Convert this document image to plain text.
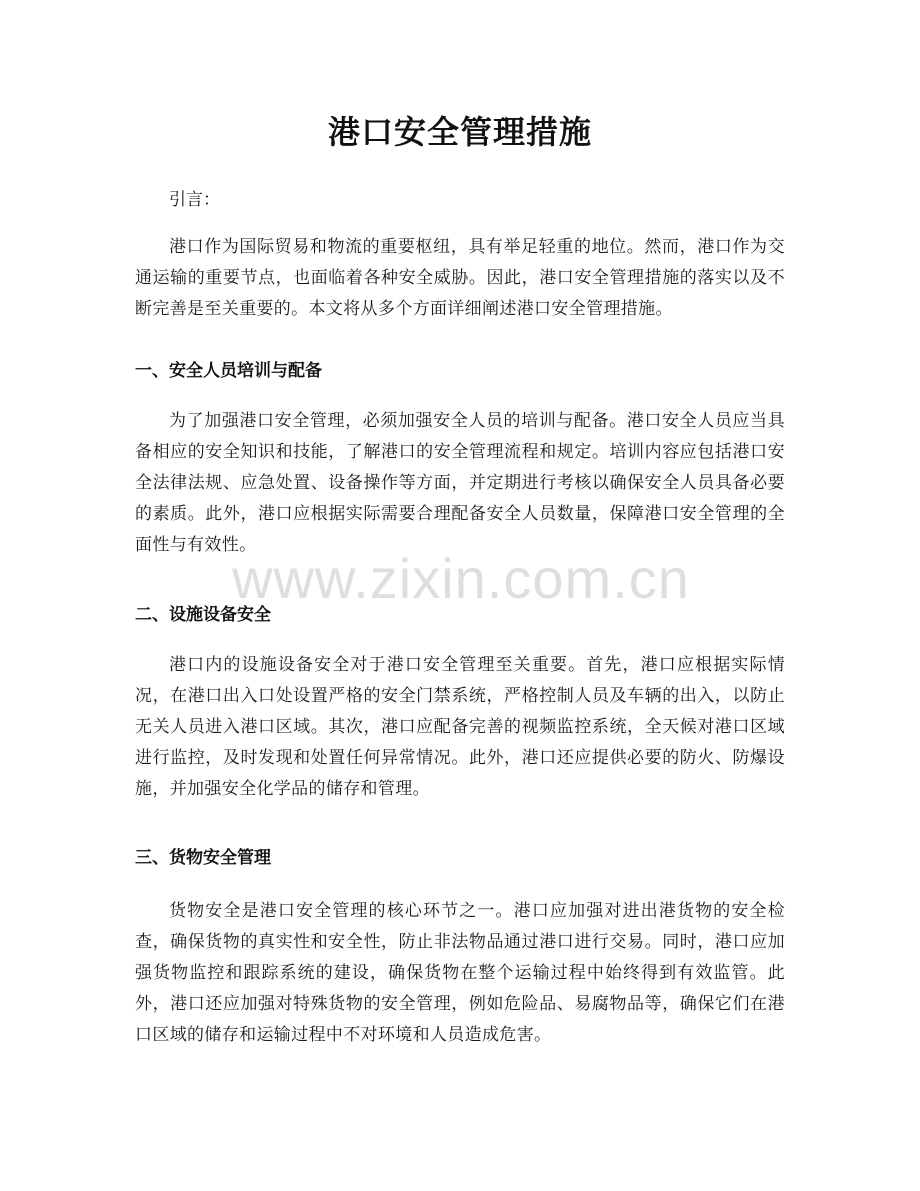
港口安全管理措施

引言：

港口作为国际贸易和物流的重要枢纽，具有举足轻重的地位。然而，港口作为交通运输的重要节点，也面临着各种安全威胁。因此，港口安全管理措施的落实以及不断完善是至关重要的。本文将从多个方面详细阐述港口安全管理措施。

一、安全人员培训与配备

为了加强港口安全管理，必须加强安全人员的培训与配备。港口安全人员应当具备相应的安全知识和技能，了解港口的安全管理流程和规定。培训内容应包括港口安全法律法规、应急处置、设备操作等方面，并定期进行考核以确保安全人员具备必要的素质。此外，港口应根据实际需要合理配备安全人员数量，保障港口安全管理的全面性与有效性。

二、设施设备安全

港口内的设施设备安全对于港口安全管理至关重要。首先，港口应根据实际情况，在港口出入口处设置严格的安全门禁系统，严格控制人员及车辆的出入，以防止无关人员进入港口区域。其次，港口应配备完善的视频监控系统，全天候对港口区域进行监控，及时发现和处置任何异常情况。此外，港口还应提供必要的防火、防爆设施，并加强安全化学品的储存和管理。

三、货物安全管理

货物安全是港口安全管理的核心环节之一。港口应加强对进出港货物的安全检查，确保货物的真实性和安全性，防止非法物品通过港口进行交易。同时，港口应加强货物监控和跟踪系统的建设，确保货物在整个运输过程中始终得到有效监管。此外，港口还应加强对特殊货物的安全管理，例如危险品、易腐物品等，确保它们在港口区域的储存和运输过程中不对环境和人员造成危害。

www.zixin.com.cn
